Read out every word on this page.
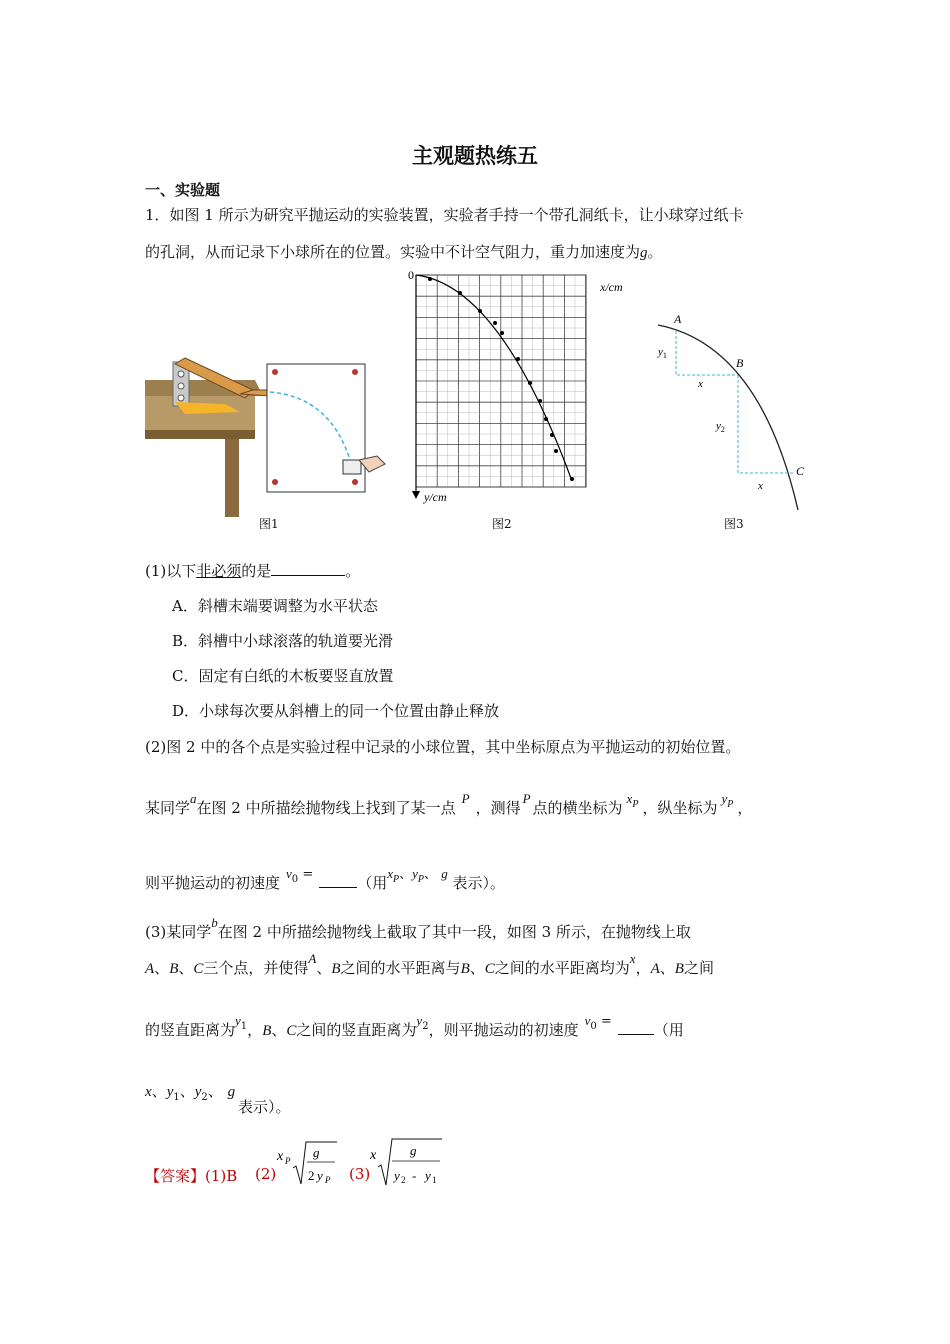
主观题热练五
一、实验题
1．如图 1 所示为研究平抛运动的实验装置，实验者手持一个带孔洞纸卡，让小球穿过纸卡
的孔洞，从而记录下小球所在的位置。实验中不计空气阻力，重力加速度为g。
图1
0
x/cm
y/cm
图2
A
B
C
$y_1$
x
$y_2$
x
图3
(1)以下非必须的是	。
A．斜槽末端要调整为水平状态
B．斜槽中小球滚落的轨道要光滑
C．固定有白纸的木板要竖直放置
D．小球每次要从斜槽上的同一个位置由静止释放
(2)图 2 中的各个点是实验过程中记录的小球位置，其中坐标原点为平抛运动的初始位置。
某同学a在图 2 中所描绘抛物线上找到了某一点P，测得P点的横坐标为$x_P$ ，纵坐标为$y_P$ ，
则平抛运动的初速度$v_0$ =	（用$x_P$、$y_P$、 g 表示）。
(3)某同学b在图 2 中所描绘抛物线上截取了其中一段，如图 3 所示，在抛物线上取
A、B、C三个点，并使得A、B之间的水平距离与B、C之间的水平距离均为x，A、B之间
的竖直距离为$y_1$，B、C之间的竖直距离为$y_2$，则平抛运动的初速度$v_0$ =	（用
x、$y_1$、$y_2$、 g
表示）。
【答案】(1)B (2)
x P
g
2 y P (3)
x	g
y 2 - y 1
